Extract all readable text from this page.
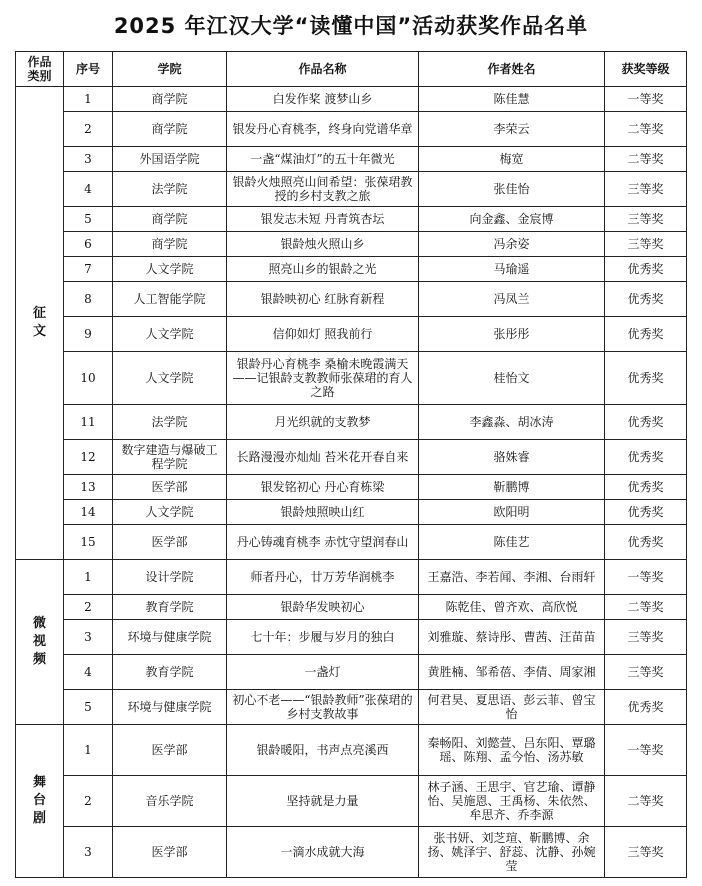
2025 年江汉大学“读懂中国”活动获奖作品名单
作品类别	序号	学院	作品名称	作者姓名	获奖等级

征文	1	商学院	白发作桨 渡梦山乡	陈佳慧	一等奖
	2	商学院	银发丹心育桃李，终身向党谱华章	李荣云	二等奖
	3	外国语学院	一盏“煤油灯”的五十年微光	梅宽	二等奖
	4	法学院	银龄火烛照亮山间希望：张葆珺教授的乡村支教之旅	张佳怡	三等奖
	5	商学院	银发志未短 丹青筑杏坛	向金鑫、金宸博	三等奖
	6	商学院	银龄烛火照山乡	冯余姿	三等奖
	7	人文学院	照亮山乡的银龄之光	马瑜遥	优秀奖
	8	人工智能学院	银龄映初心 红脉育新程	冯凤兰	优秀奖
	9	人文学院	信仰如灯 照我前行	张彤彤	优秀奖
	10	人文学院	银龄丹心育桃李 桑榆未晚霞满天——记银龄支教教师张葆珺的育人之路	桂怡文	优秀奖
	11	法学院	月光织就的支教梦	李鑫淼、胡冰涛	优秀奖
	12	数字建造与爆破工程学院	长路漫漫亦灿灿 苔米花开春自来	骆姝睿	优秀奖
	13	医学部	银发铭初心 丹心育栋梁	靳鹏博	优秀奖
	14	人文学院	银龄烛照映山红	欧阳明	优秀奖
	15	医学部	丹心铸魂育桃李 赤忱守望润春山	陈佳艺	优秀奖

微视频	1	设计学院	师者丹心，廿万芳华润桃李	王嘉浩、李若闻、李湘、台雨轩	一等奖
	2	教育学院	银龄华发映初心	陈乾佳、曾齐欢、高欣悦	二等奖
	3	环境与健康学院	七十年：步履与岁月的独白	刘雅璇、蔡诗彤、曹茜、汪苗苗	三等奖
	4	教育学院	一盏灯	黄胜楠、邹希蓓、李倩、周家湘	三等奖
	5	环境与健康学院	初心不老——“银龄教师”张葆珺的乡村支教故事	何君昊、夏思语、彭云菲、曾宝怡	优秀奖

舞台剧	1	医学部	银龄暖阳，书声点亮溪西	秦畅阳、刘懿萱、吕东阳、覃璐瑶、陈翔、孟今怡、汤苏敏	一等奖
	2	音乐学院	坚持就是力量	林子涵、王思宇、官艺瑜、谭静怡、吴施恩、王禹杨、朱依然、牟思齐、乔李源	二等奖
	3	医学部	一滴水成就大海	张书妍、刘芝瑄、靳鹏博、余扬、姚泽宇、舒蕊、沈静、孙婉莹	三等奖
